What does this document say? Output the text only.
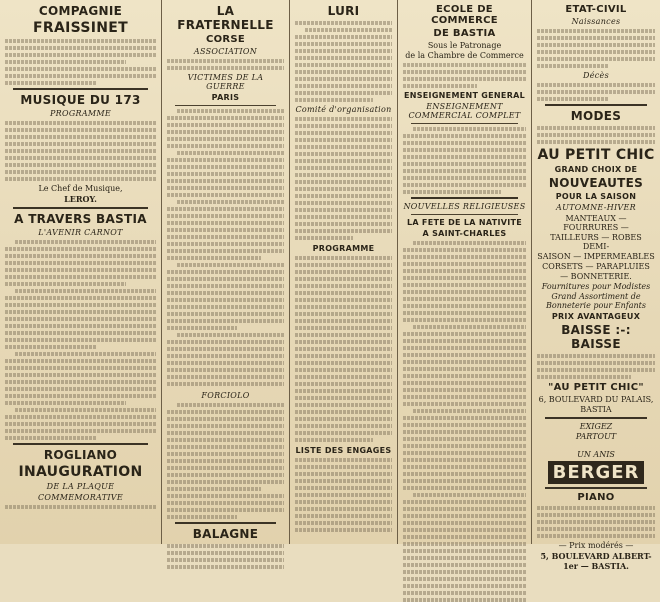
COMPAGNIE
FRAISSINET
MUSIQUE DU 173
PROGRAMME
Le Chef de Musique,
LEROY.
A TRAVERS BASTIA
L'AVENIR CARNOT
ROGLIANO
INAUGURATION
DE LA PLAQUE
COMMEMORATIVE
LA FRATERNELLE
CORSE
ASSOCIATION
VICTIMES DE LA GUERRE
PARIS
FORCIOLO
BALAGNE
LURI
Comité d'organisation
PROGRAMME
LISTE DES ENGAGES
ECOLE DE COMMERCE
DE BASTIA
Sous le Patronage
de la Chambre de Commerce
ENSEIGNEMENT GENERAL
ENSEIGNEMENT COMMERCIAL COMPLET
NOUVELLES RELIGIEUSES
LA FETE DE LA NATIVITE
A SAINT-CHARLES
ETAT-CIVIL
Naissances
Décès
MODES
AU PETIT CHIC
GRAND CHOIX DE
NOUVEAUTES
POUR LA SAISON
AUTOMNE-HIVER
MANTEAUX — FOURRURES —
TAILLEURS — ROBES DEMI-
SAISON — IMPERMEABLES
CORSETS — PARAPLUIES
— BONNETERIE.
Fournitures pour Modistes
Grand Assortiment de Bonneterie pour Enfants
PRIX AVANTAGEUX
BAISSE :-: BAISSE
"AU PETIT CHIC"
6, BOULEVARD DU PALAIS,
BASTIA
EXIGEZ
PARTOUT
UN ANIS BERGER
PIANO
— Prix modérés —
5, BOULEVARD ALBERT-1er — BASTIA.
